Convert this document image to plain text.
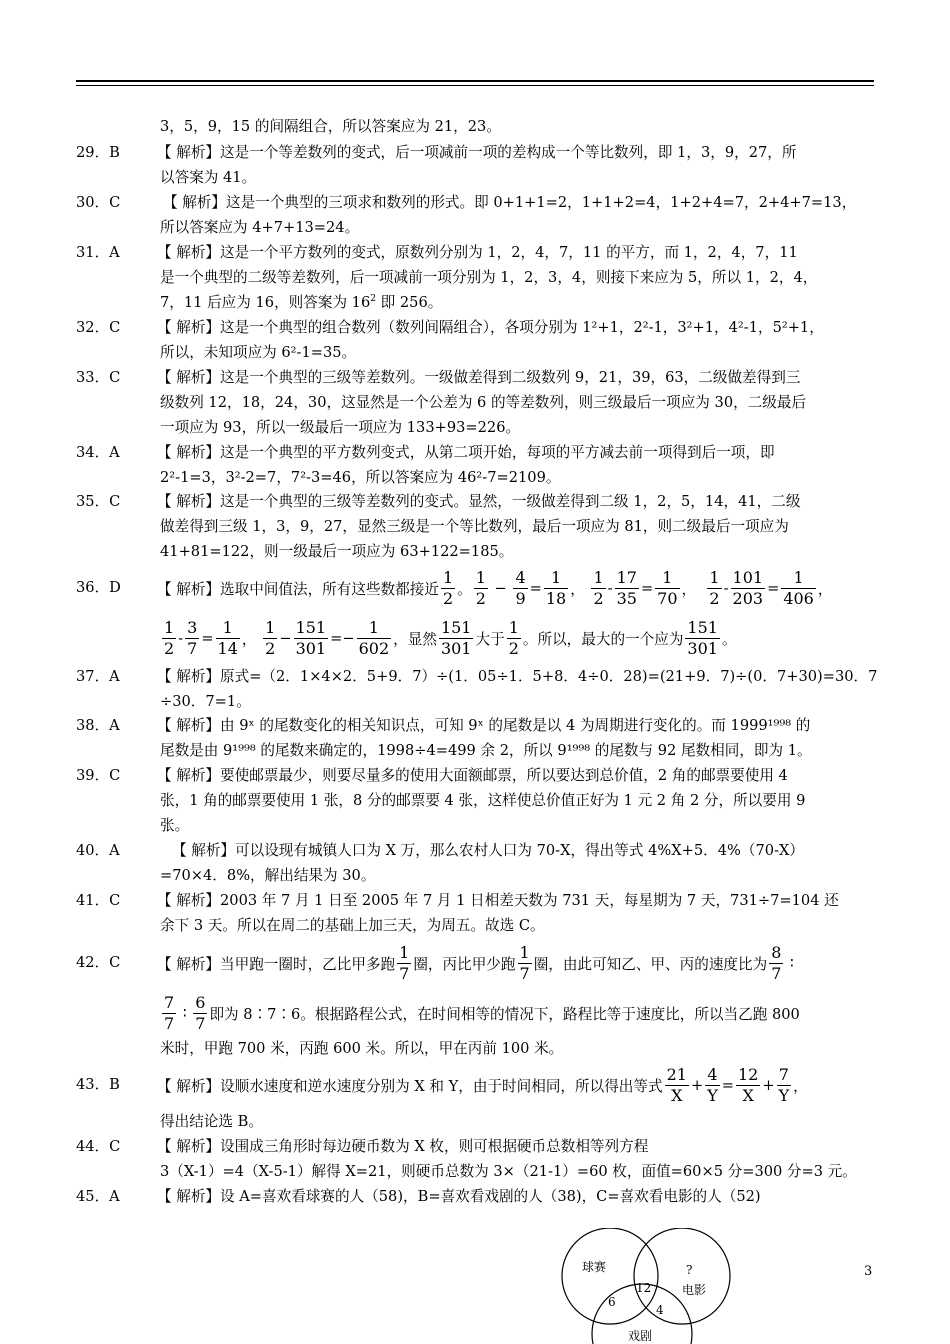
3，5，9，15 的间隔组合，所以答案应为 21，23。
29．B	【 解析】这是一个等差数列的变式，后一项减前一项的差构成一个等比数列，即 1，3，9，27，所
以答案为 41。
30．C	【 解析】这是一个典型的三项求和数列的形式。即 0+1+1=2，1+1+2=4，1+2+4=7，2+4+7=13，
所以答案应为 4+7+13=24。
31．A	【 解析】这是一个平方数列的变式，原数列分别为 1，2，4，7，11 的平方，而 1，2，4，7，11
是一个典型的二级等差数列，后一项减前一项分别为 1，2，3，4，则接下来应为 5，所以 1，2，4，
7，11 后应为 16，则答案为 $16^2$ 即 256。
32．C	【 解析】这是一个典型的组合数列（数列间隔组合），各项分别为 1²+1，2²-1，3²+1，4²-1，5²+1，
所以，未知项应为 6²-1=35。
33．C	【 解析】这是一个典型的三级等差数列。一级做差得到二级数列 9，21，39，63，二级做差得到三
级数列 12，18，24，30，这显然是一个公差为 6 的等差数列，则三级最后一项应为 30，二级最后
一项应为 93，所以一级最后一项应为 133+93=226。
34．A	【 解析】这是一个典型的平方数列变式，从第二项开始，每项的平方减去前一项得到后一项，即
2²-1=3，3²-2=7，7²-3=46，所以答案应为 46²-7=2109。
35．C	【 解析】这是一个典型的三级等差数列的变式。显然，一级做差得到二级 1，2，5，14，41，二级
做差得到三级 1，3，9，27，显然三级是一个等比数列，最后一项应为 81，则二级最后一项应为
41+81=122，则一级最后一项应为 63+122=185。
36．D 【 解析】选取中间值法，所有这些数都接近 $\frac{1}{2}$ 。 $\frac{1}{2} - \frac{4}{9} = \frac{1}{18}$ ， $\frac{1}{2} - \frac{17}{35} = \frac{1}{70}$ ， $\frac{1}{2} - \frac{101}{203} = \frac{1}{406}$ ，
$\frac{1}{2} - \frac{3}{7} = \frac{1}{14}$ ， $\frac{1}{2} - \frac{151}{301} =- \frac{1}{602}$ ， 显然 $\frac{151}{301}$ 大于 $\frac{1}{2}$ 。所以，最大的一个应为 $\frac{151}{301}$ 。
37．A	【 解析】原式=（2．1×4×2．5+9．7）÷(1．05÷1．5+8．4÷0．28)=(21+9．7)÷(0．7+30)=30．7
÷30．7=1。
38．A	【 解析】由 9ˣ 的尾数变化的相关知识点，可知 9ˣ 的尾数是以 4 为周期进行变化的。而 1999¹⁹⁹⁸ 的
尾数是由 9¹⁹⁹⁸ 的尾数来确定的，1998÷4=499 余 2，所以 9¹⁹⁹⁸ 的尾数与 92 尾数相同，即为 1。
39．C	【 解析】要使邮票最少，则要尽量多的使用大面额邮票，所以要达到总价值，2 角的邮票要使用 4
张，1 角的邮票要使用 1 张，8 分的邮票要 4 张，这样使总价值正好为 1 元 2 角 2 分，所以要用 9
张。
40．A	【 解析】可以设现有城镇人口为 X 万，那么农村人口为 70-X，得出等式 4%X+5．4%（70-X）
=70×4．8%，解出结果为 30。
41．C	【 解析】2003 年 7 月 1 日至 2005 年 7 月 1 日相差天数为 731 天，每星期为 7 天，731÷7=104 还
余下 3 天。所以在周二的基础上加三天，为周五。故选 C。
42．C	【 解析】当甲跑一圈时，乙比甲多跑 $\frac{1}{7}$ 圈，丙比甲少跑 $\frac{1}{7}$ 圈，由此可知乙、甲、丙的速度比为 $\frac{8}{7}$ ∶
$\frac{7}{7}$ ∶ $\frac{6}{7}$ 即为 8∶7∶6。根据路程公式，在时间相等的情况下，路程比等于速度比，所以当乙跑 800
米时，甲跑 700 米，丙跑 600 米。所以，甲在丙前 100 米。
43．B	【 解析】设顺水速度和逆水速度分别为 X 和 Y，由于时间相同，所以得出等式 $\frac{21}{X} + \frac{4}{Y} = \frac{12}{X} + \frac{7}{Y}$ ，
得出结论选 B。
44．C	【 解析】设围成三角形时每边硬币数为 X 枚，则可根据硬币总数相等列方程
3（X-1）=4（X-5-1）解得 X=21，则硬币总数为 3×（21-1）=60 枚，面值=60×5 分=300 分=3 元。
45．A	【 解析】设 A=喜欢看球赛的人（58)，B=喜欢看戏剧的人（38)，C=喜欢看电影的人（52)
球赛	?
电影
12
6
4
戏剧
3
